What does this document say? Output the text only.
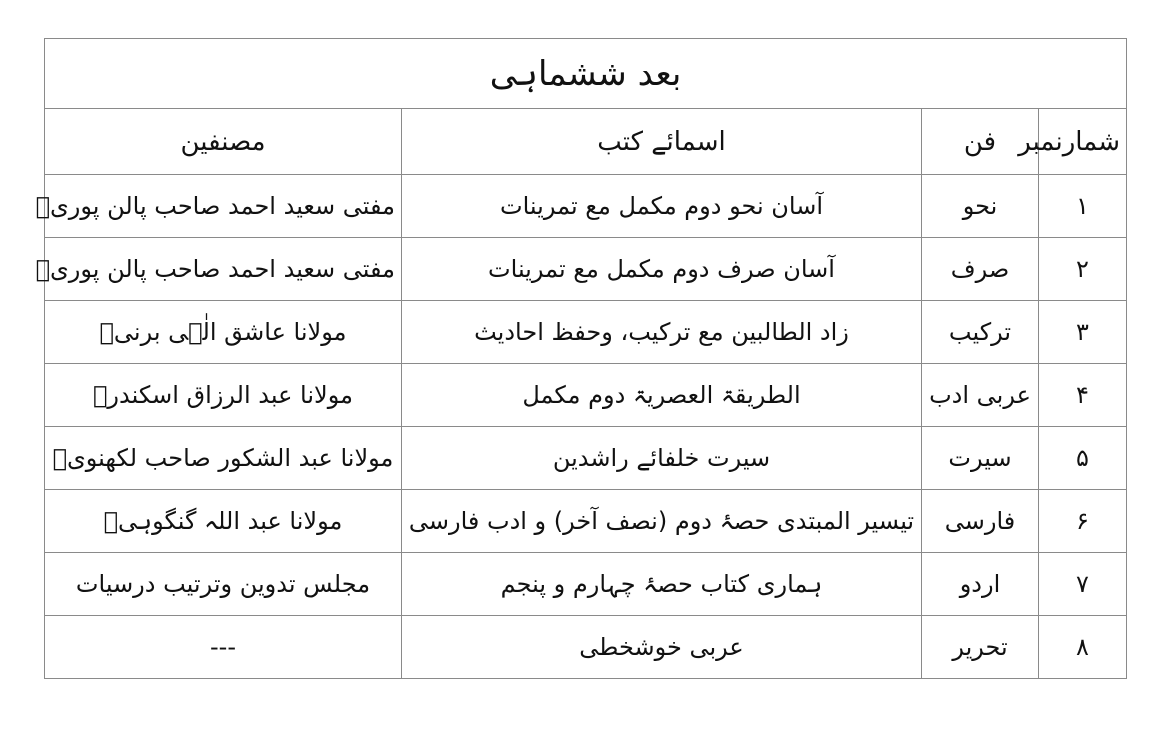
بعد ششماہی			
شمارنمبر	فن	اسمائے کتب	مصنفین
۱	نحو	آسان نحو دوم مکمل مع تمرینات	مفتی سعید احمد صاحب پالن پوریؒ
۲	صرف	آسان صرف دوم مکمل مع تمرینات	مفتی سعید احمد صاحب پالن پوریؒ
۳	ترکیب	زاد الطالبین مع ترکیب، وحفظ احادیث	مولانا عاشق الٰہی برنیؒ
۴	عربی ادب	الطریقۃ العصریۃ دوم مکمل	مولانا عبد الرزاق اسکندرؒ
۵	سیرت	سیرت خلفائے راشدین	مولانا عبد الشکور صاحب لکھنویؒ
۶	فارسی	تیسیر المبتدی حصۂ دوم (نصف آخر) و ادب فارسی	مولانا عبد اللہ گنگوہیؒ
۷	اردو	ہماری کتاب حصۂ چہارم و پنجم	مجلس تدوین وترتیب درسیات
۸	تحریر	عربی خوشخطی	---
